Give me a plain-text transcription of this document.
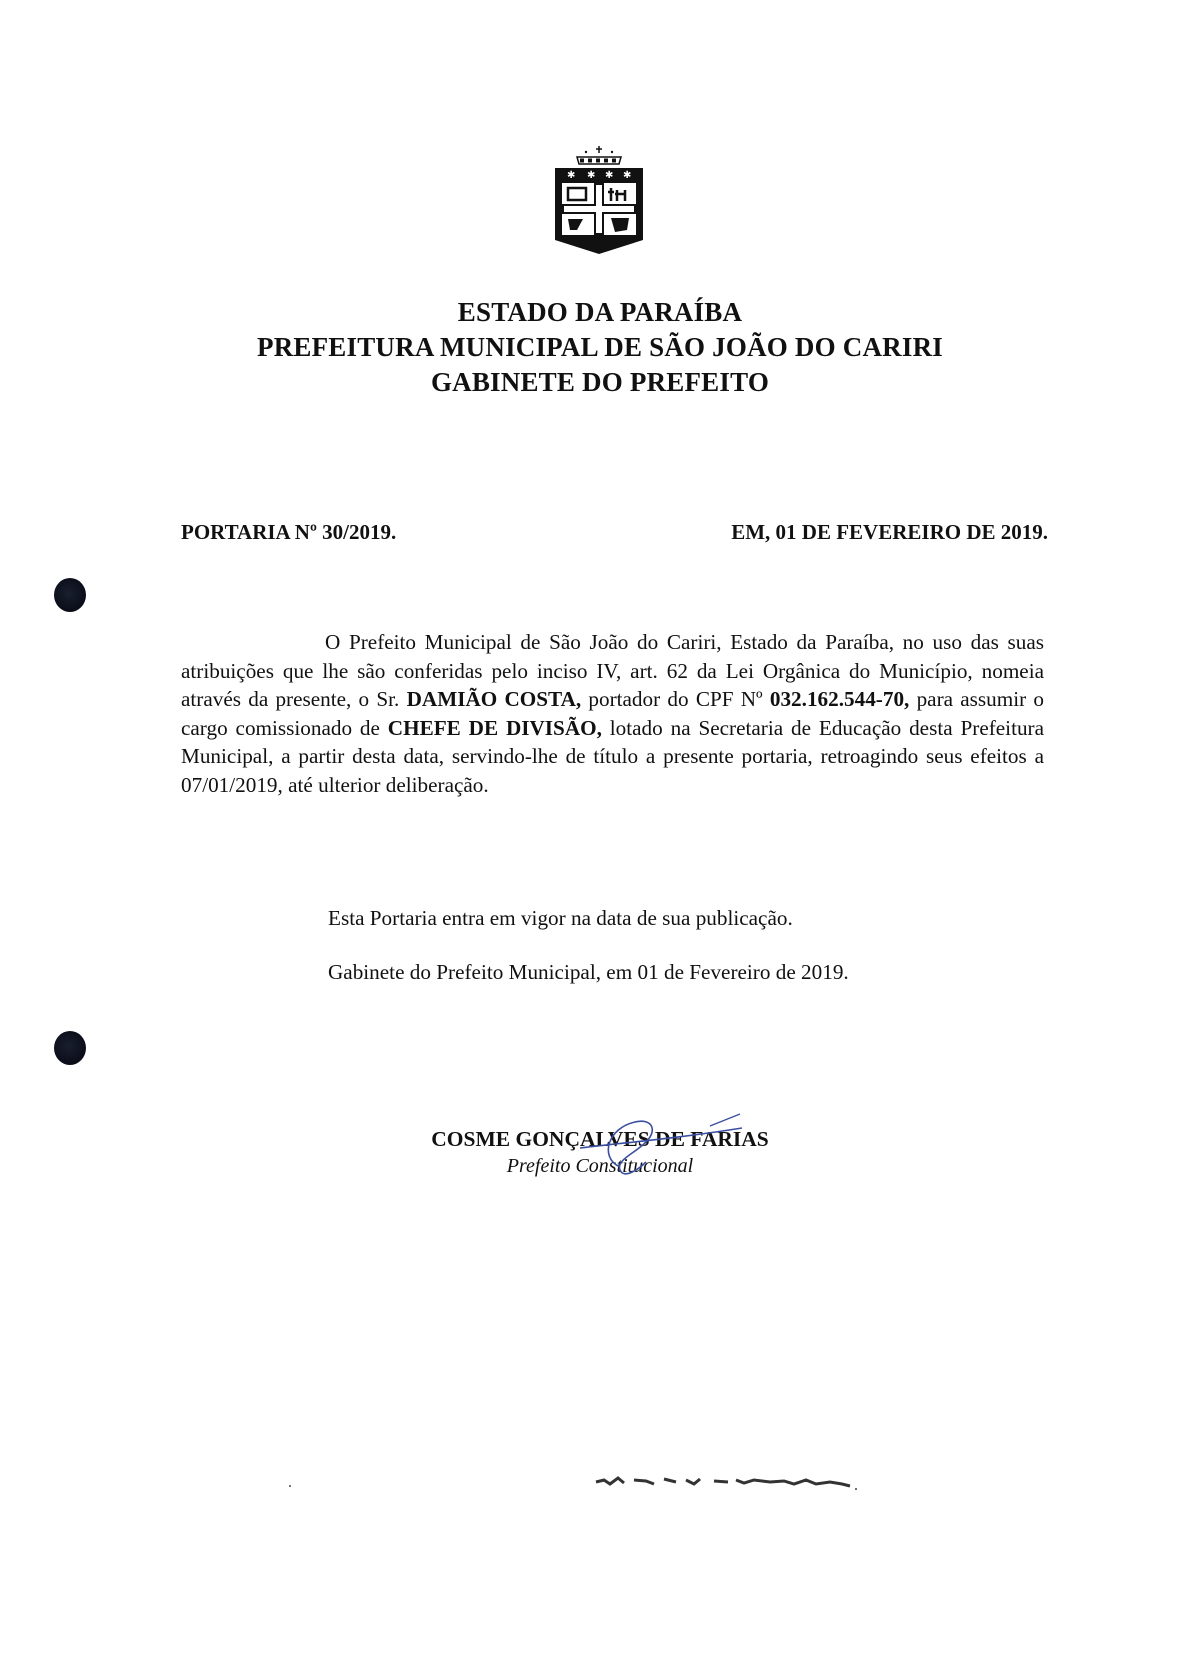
✱ ✱ ✱ ✱
ESTADO DA PARAÍBA
PREFEITURA MUNICIPAL DE SÃO JOÃO DO CARIRI
GABINETE DO PREFEITO
PORTARIA Nº 30/2019.	EM, 01 DE FEVEREIRO DE 2019.

O Prefeito Municipal de São João do Cariri, Estado da Paraíba, no uso das suas atribuições que lhe são conferidas pelo inciso IV, art. 62 da Lei Orgânica do Município, nomeia através da presente, o Sr. DAMIÃO COSTA, portador do CPF Nº 032.162.544-70, para assumir o cargo comissionado de CHEFE DE DIVISÃO, lotado na Secretaria de Educação desta Prefeitura Municipal, a partir desta data, servindo-lhe de título a presente portaria, retroagindo seus efeitos a 07/01/2019, até ulterior deliberação.

Esta Portaria entra em vigor na data de sua publicação.
Gabinete do Prefeito Municipal, em 01 de Fevereiro de 2019.
COSME GONÇALVES DE FARIAS
Prefeito Constitucional
